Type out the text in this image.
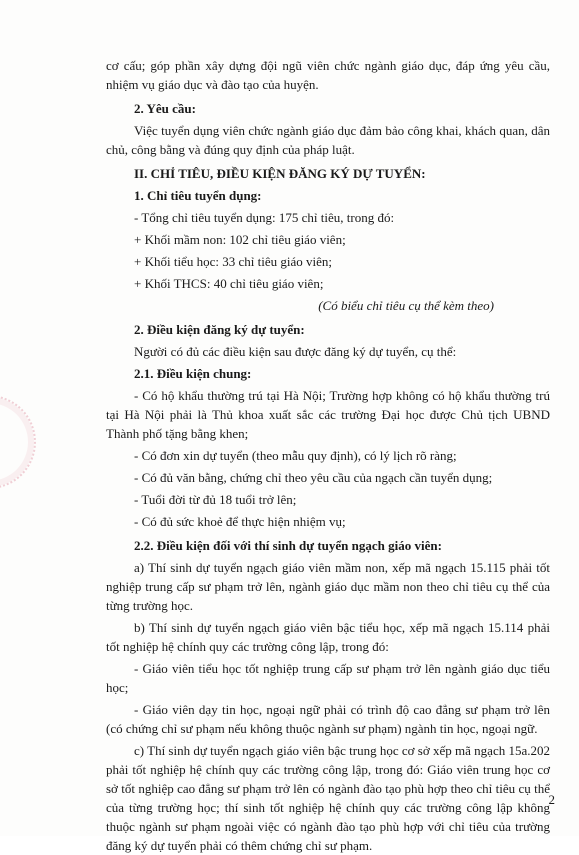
cơ cấu; góp phần xây dựng đội ngũ viên chức ngành giáo dục, đáp ứng yêu cầu, nhiệm vụ giáo dục và đào tạo của huyện.

2. Yêu cầu:

Việc tuyển dụng viên chức ngành giáo dục đảm bảo công khai, khách quan, dân chủ, công bằng và đúng quy định của pháp luật.

II. CHỈ TIÊU, ĐIỀU KIỆN ĐĂNG KÝ DỰ TUYỂN:

1. Chỉ tiêu tuyển dụng:

- Tổng chỉ tiêu tuyển dụng: 175 chỉ tiêu, trong đó:

+ Khối mầm non: 102 chỉ tiêu giáo viên;

+ Khối tiểu học: 33 chỉ tiêu giáo viên;

+ Khối THCS: 40 chỉ tiêu giáo viên;

(Có biểu chỉ tiêu cụ thể kèm theo)

2. Điều kiện đăng ký dự tuyển:

Người có đủ các điều kiện sau được đăng ký dự tuyển, cụ thể:

2.1. Điều kiện chung:

- Có hộ khẩu thường trú tại Hà Nội; Trường hợp không có hộ khẩu thường trú tại Hà Nội phải là Thủ khoa xuất sắc các trường Đại học được Chủ tịch UBND Thành phố tặng bằng khen;

- Có đơn xin dự tuyển (theo mẫu quy định), có lý lịch rõ ràng;

- Có đủ văn bằng, chứng chỉ theo yêu cầu của ngạch cần tuyển dụng;

- Tuổi đời từ đủ 18 tuổi trở lên;

- Có đủ sức khoẻ để thực hiện nhiệm vụ;

2.2. Điều kiện đối với thí sinh dự tuyển ngạch giáo viên:

a) Thí sinh dự tuyển ngạch giáo viên mầm non, xếp mã ngạch 15.115 phải tốt nghiệp trung cấp sư phạm trở lên, ngành giáo dục mầm non theo chỉ tiêu cụ thể của từng trường học.

b) Thí sinh dự tuyển ngạch giáo viên bậc tiểu học, xếp mã ngạch 15.114 phải tốt nghiệp hệ chính quy các trường công lập, trong đó:

- Giáo viên tiểu học tốt nghiệp trung cấp sư phạm trở lên ngành giáo dục tiểu học;

- Giáo viên dạy tin học, ngoại ngữ phải có trình độ cao đẳng sư phạm trở lên (có chứng chỉ sư phạm nếu không thuộc ngành sư phạm) ngành tin học, ngoại ngữ.

c) Thí sinh dự tuyển ngạch giáo viên bậc trung học cơ sở xếp mã ngạch 15a.202 phải tốt nghiệp hệ chính quy các trường công lập, trong đó: Giáo viên trung học cơ sở tốt nghiệp cao đẳng sư phạm trở lên có ngành đào tạo phù hợp theo chỉ tiêu cụ thể của từng trường học; thí sinh tốt nghiệp hệ chính quy các trường công lập không thuộc ngành sư phạm ngoài việc có ngành đào tạo phù hợp với chỉ tiêu của trường đăng ký dự tuyển phải có thêm chứng chỉ sư phạm.

2
